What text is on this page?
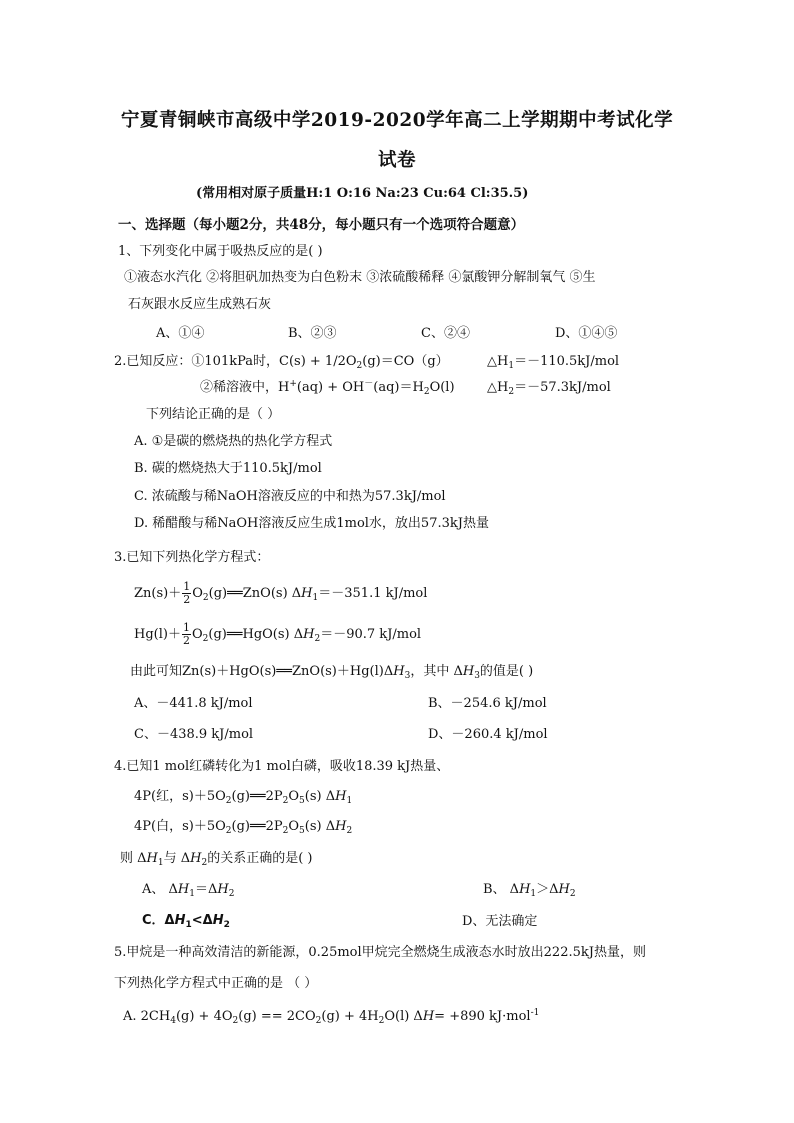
宁夏青铜峡市高级中学2019-2020学年高二上学期期中考试化学
试卷
(常用相对原子质量H:1 O:16 Na:23 Cu:64 Cl:35.5)
一、选择题（每小题2分，共48分，每小题只有一个选项符合题意）
1、下列变化中属于吸热反应的是( )
①液态水汽化 ②将胆矾加热变为白色粉末 ③浓硫酸稀释 ④氯酸钾分解制氧气 ⑤生
石灰跟水反应生成熟石灰
A、①④	B、②③	C、②④	D、①④⑤
2.已知反应：①101kPa时，$C(s) + 1/2O_2(g)=CO(g)$	$\triangle H_1=-110.5kJ$/mol
②稀溶液中，$H^+(aq) + OH^-(aq)=H_2O(l)$ $\triangle H_2=-57.3kJ$/mol
下列结论正确的是（ ）
A. ①是碳的燃烧热的热化学方程式
B. 碳的燃烧热大于110.5kJ/mol
C. 浓硫酸与稀NaOH溶液反应的中和热为57.3kJ/mol
D. 稀醋酸与稀NaOH溶液反应生成1mol水，放出57.3kJ热量
3.已知下列热化学方程式：
$Zn(s)+ \frac{1}{2}$ $O_2(g)══ZnO(s)$ $\Delta H_1=-351.1$ kJ/mol
$Hg(l)+ \frac{1}{2}$ $O_2(g)══HgO(s)$ $\Delta H_2=-90.7$ kJ/mol
由此可知$Zn(s)+HgO(s)══ZnO(s)+Hg(l)\Delta H_3$，其中 $\Delta H_3$的值是( )
A、－441.8 kJ/mol	B、－254.6 kJ/mol
C、－438.9 kJ/mol	D、－260.4 kJ/mol
4.已知1 mol红磷转化为1 mol白磷，吸收18.39 kJ热量、
4P(红，$s)+5O_2(g)══2P_2O_5(s)$ $\Delta H_1$
4P(白，$s)+5O_2(g)══2P_2O_5(s)$ $\Delta H_2$
则 $\Delta H_1$与 $\Delta H_2$的关系正确的是( )
A、 $\Delta H_1=\Delta H_2$	B、 $\Delta H_1>\Delta H_2$
C．$\Delta H_1<\Delta H_2$	D、无法确定
5.甲烷是一种高效清洁的新能源，0.25mol甲烷完全燃烧生成液态水时放出222.5kJ热量，则
下列热化学方程式中正确的是 （ ）
A. $2CH_4(g) + 4O_2(g) == 2CO_2(g) + 4H_2O(l)$ ΔH= +890 kJ·mol$^{-1}$
